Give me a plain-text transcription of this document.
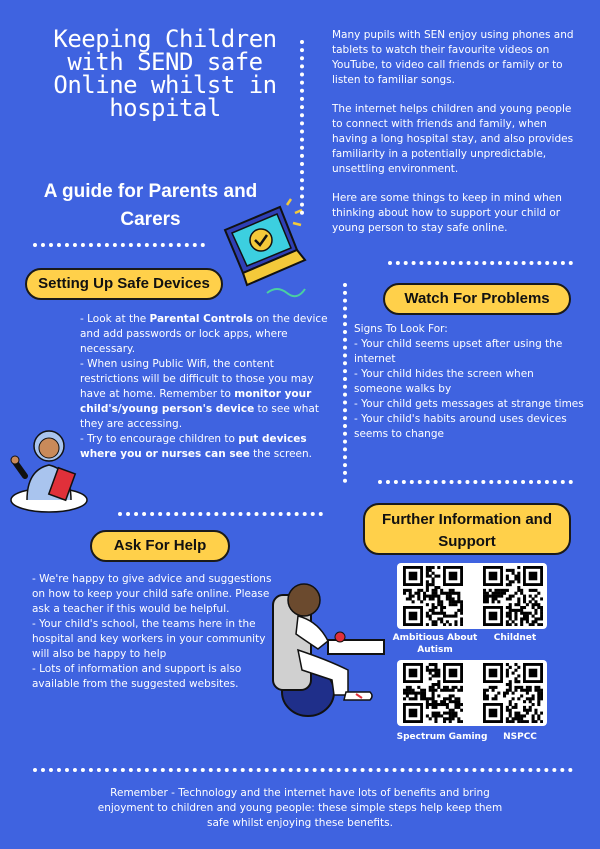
Keeping Children with SEND safe Online whilst in hospital
A guide for Parents and Carers

Many pupils with SEN enjoy using phones and tablets to watch their favourite videos on YouTube, to video call friends or family or to listen to familiar songs.

The internet helps children and young people to connect with friends and family, when having a long hospital stay, and also provides familiarity in a potentially unpredictable, unsettling environment.

Here are some things to keep in mind when thinking about how to support your child or young person to stay safe online.

Setting Up Safe Devices

- Look at the Parental Controls on the device and add passwords or lock apps, where necessary.

- When using Public Wifi, the content restrictions will be difficult to those you may have at home. Remember to monitor your child's/young person's device to see what they are accessing.

- Try to encourage children to put devices where you or nurses can see the screen.

Watch For Problems

Signs To Look For:

- Your child seems upset after using the internet

- Your child hides the screen when someone walks by

- Your child gets messages at strange times

- Your child's habits around uses devices seems to change

Ask For Help

- We're happy to give advice and suggestions on how to keep your child safe online. Please ask a teacher if this would be helpful.

- Your child's school, the teams here in the hospital and key workers in your community will also be happy to help

- Lots of information and support is also available from the suggested websites.

Further Information and Support
Ambitious About Autism
Childnet
Spectrum Gaming	NSPCC

Remember - Technology and the internet have lots of benefits and bring enjoyment to children and young people: these simple steps help keep them safe whilst enjoying these benefits.
